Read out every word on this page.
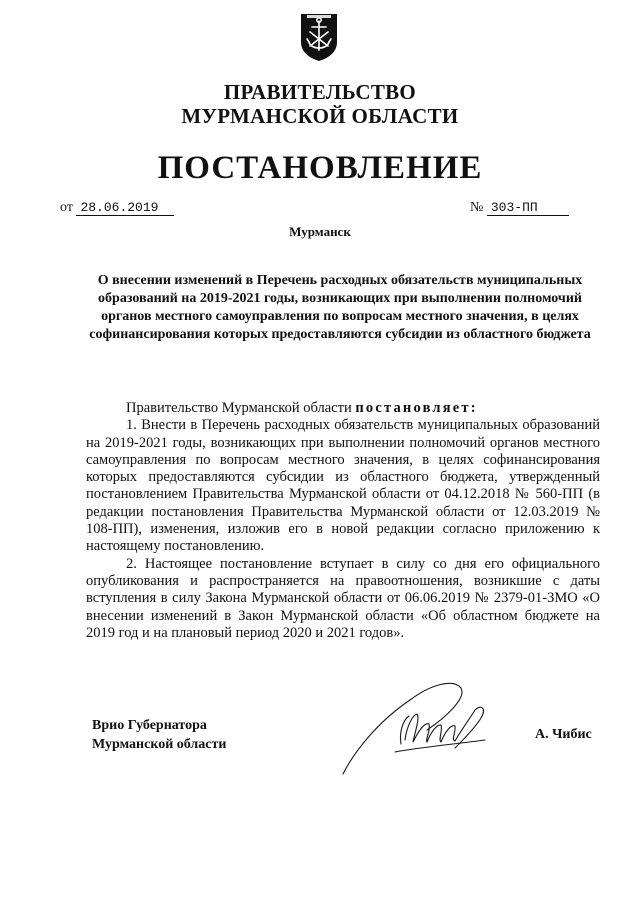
ПРАВИТЕЛЬСТВО
МУРМАНСКОЙ ОБЛАСТИ
ПОСТАНОВЛЕНИЕ
от 28.06.2019	№ 303-ПП
Мурманск
О внесении изменений в Перечень расходных обязательств муниципальных образований на 2019-2021 годы, возникающих при выполнении полномочий органов местного самоуправления по вопросам местного значения, в целях софинансирования которых предоставляются субсидии из областного бюджета

Правительство Мурманской области постановляет:

1. Внести в Перечень расходных обязательств муниципальных образований на 2019-2021 годы, возникающих при выполнении полномочий органов местного самоуправления по вопросам местного значения, в целях софинансирования которых предоставляются субсидии из областного бюджета, утвержденный постановлением Правительства Мурманской области от 04.12.2018 № 560-ПП (в редакции постановления Правительства Мурманской области от 12.03.2019 № 108-ПП), изменения, изложив его в новой редакции согласно приложению к настоящему постановлению.

2. Настоящее постановление вступает в силу со дня его официального опубликования и распространяется на правоотношения, возникшие с даты вступления в силу Закона Мурманской области от 06.06.2019 № 2379-01-ЗМО «О внесении изменений в Закон Мурманской области «Об областном бюджете на 2019 год и на плановый период 2020 и 2021 годов».

Врио Губернатора
Мурманской области
А. Чибис
